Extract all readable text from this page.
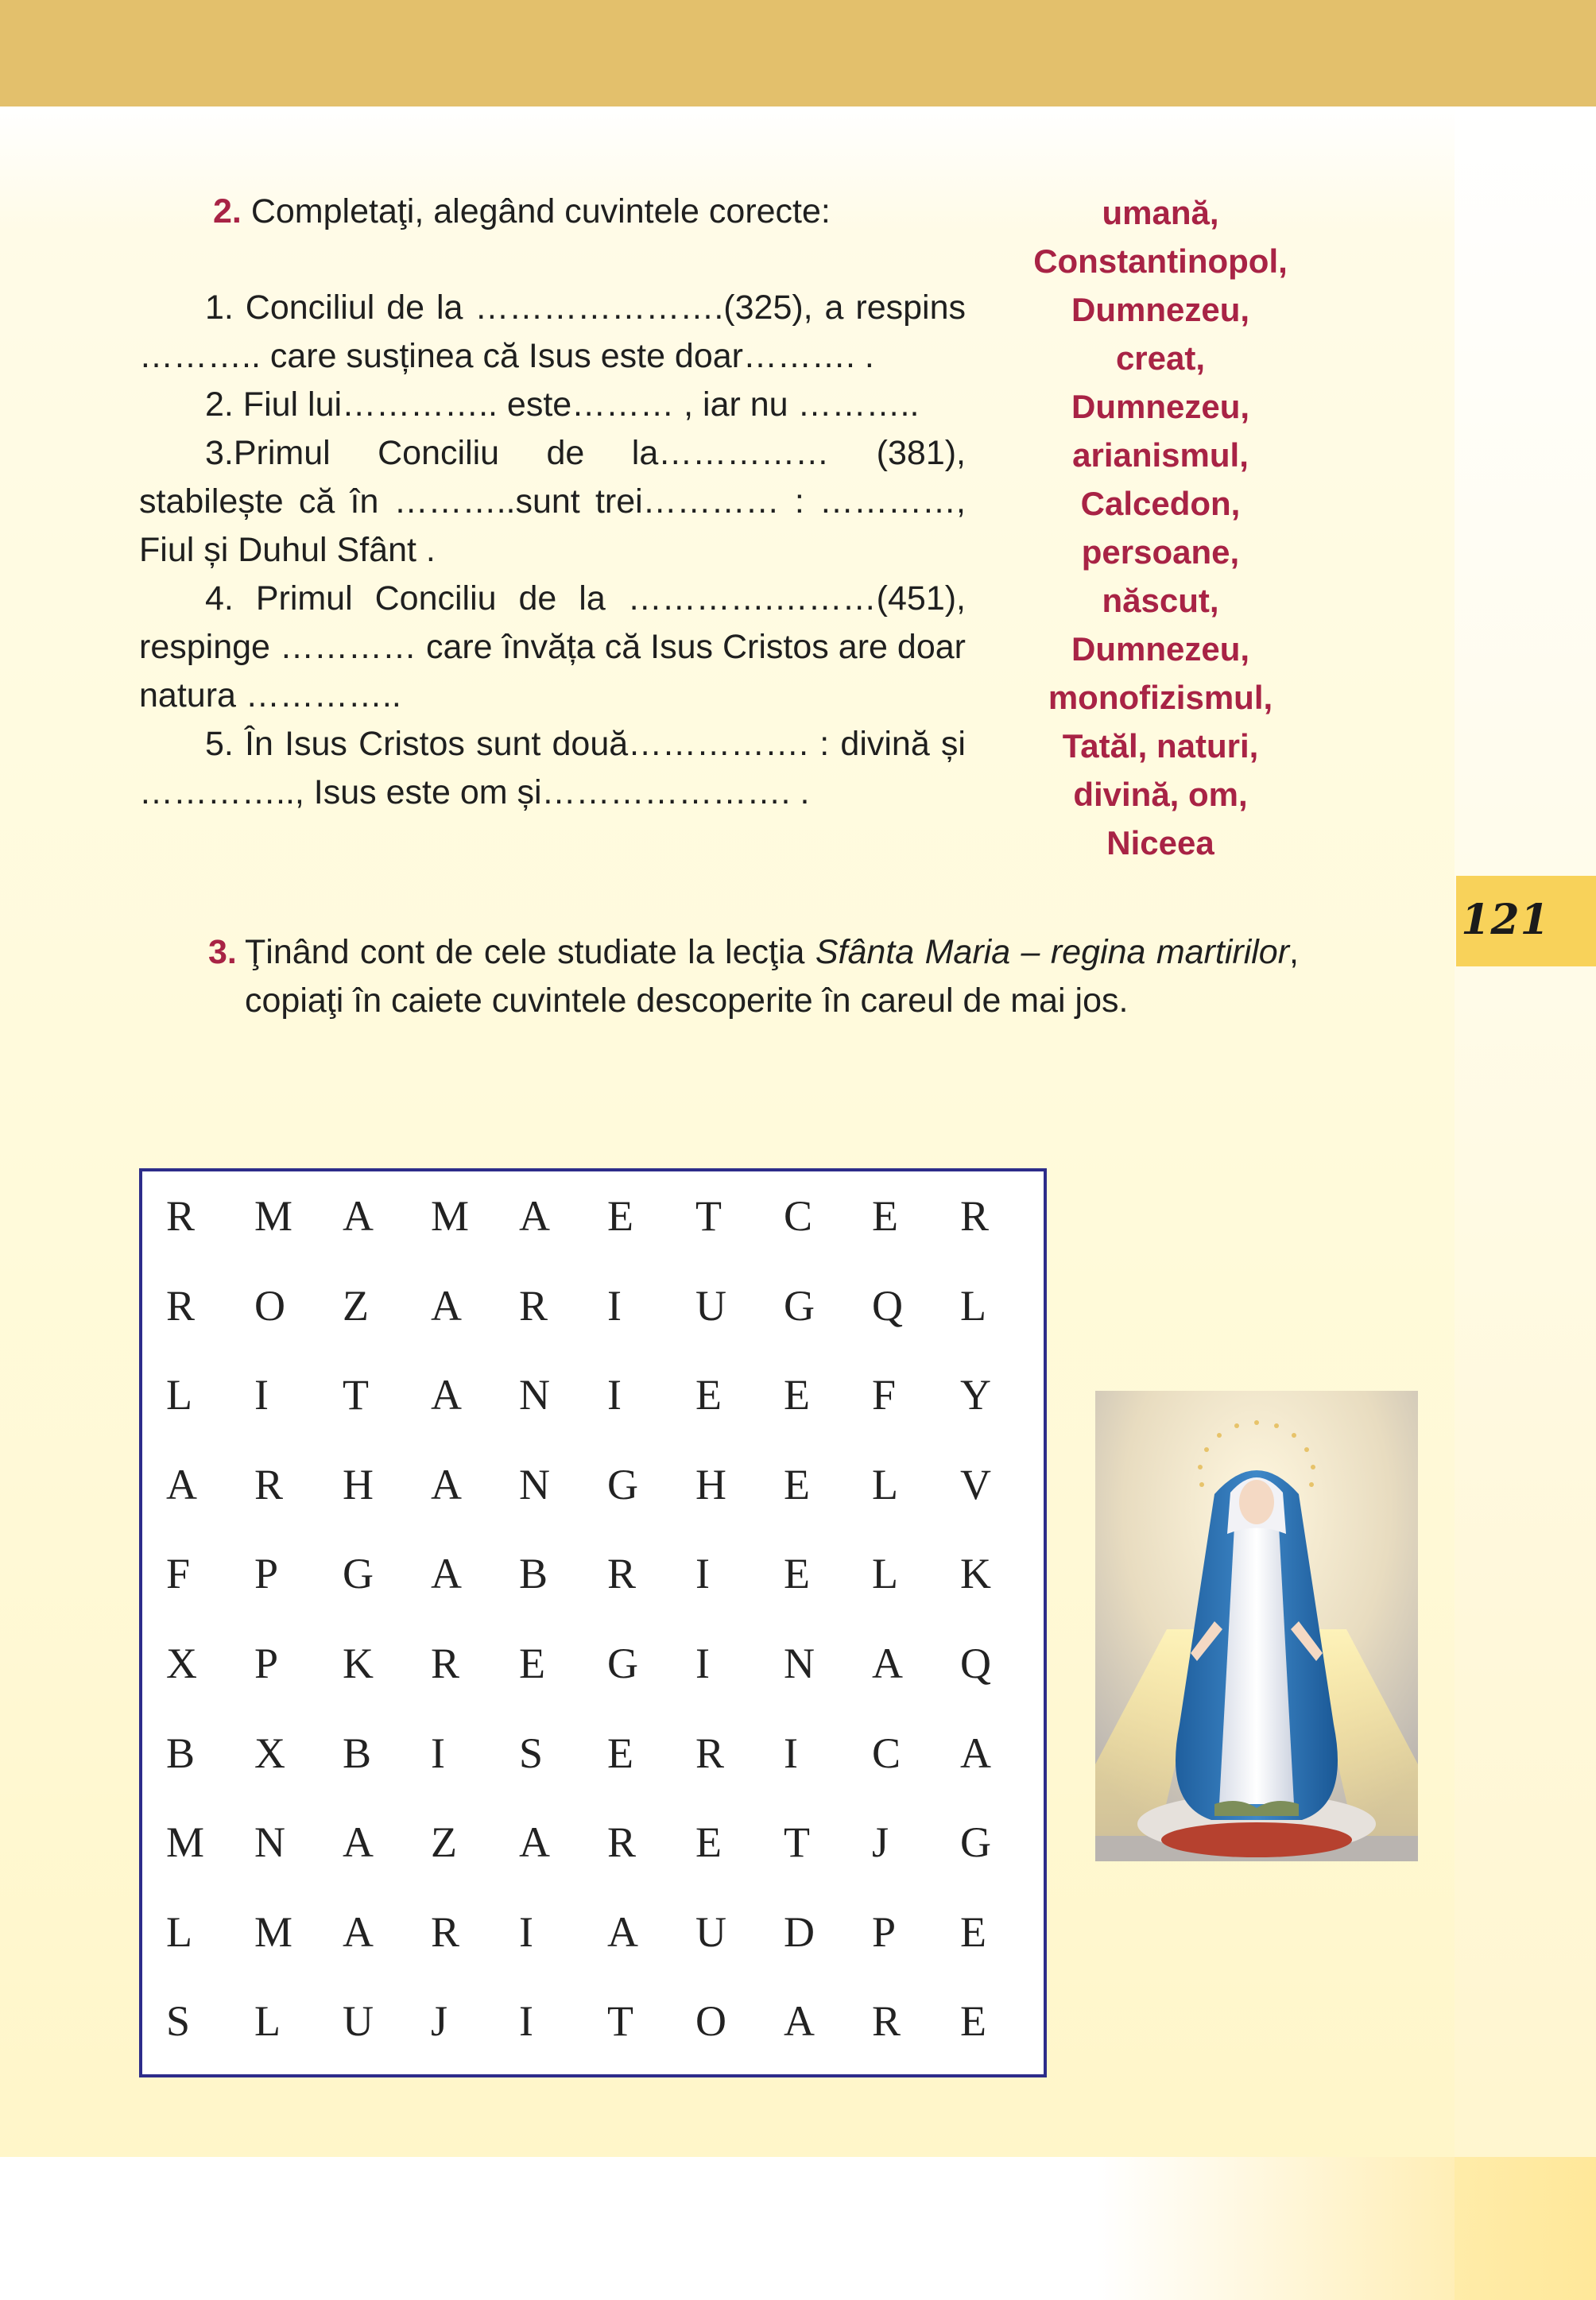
121
2. Completaţi, alegând cuvintele corecte:

1. Conciliul de la ………………….(325), a respins ……….. care susținea că Isus este doar………. .

2. Fiul lui………….. este……… , iar nu ………..

3.Primul Conciliu de la…………… (381), stabilește că în ………..sunt trei………… : …………, Fiul și Duhul Sfânt .

4. Primul Conciliu de la ………….………(451), respinge ………… care învăța că Isus Cristos are doar natura …………..

5. În Isus Cristos sunt două……………. : divină și ………….., Isus este om și…………………. .

umană,
Constantinopol,
Dumnezeu,
creat,
Dumnezeu,
arianismul,
Calcedon,
persoane,
născut,
Dumnezeu,
monofizismul,
Tatăl, naturi,
divină, om,
Niceea
3. Ţinând cont de cele studiate la lecţia Sfânta Maria – regina martirilor, copiaţi în caiete cuvintele descoperite în careul de mai jos.
R	M	A	M	A	E	T	C	E	R
R	O	Z	A	R	I	U	G	Q	L
L	I	T	A	N	I	E	E	F	Y
A	R	H	A	N	G	H	E	L	V
F	P	G	A	B	R	I	E	L	K
X	P	K	R	E	G	I	N	A	Q
B	X	B	I	S	E	R	I	C	A
M	N	A	Z	A	R	E	T	J	G
L	M	A	R	I	A	U	D	P	E
S	L	U	J	I	T	O	A	R	E
